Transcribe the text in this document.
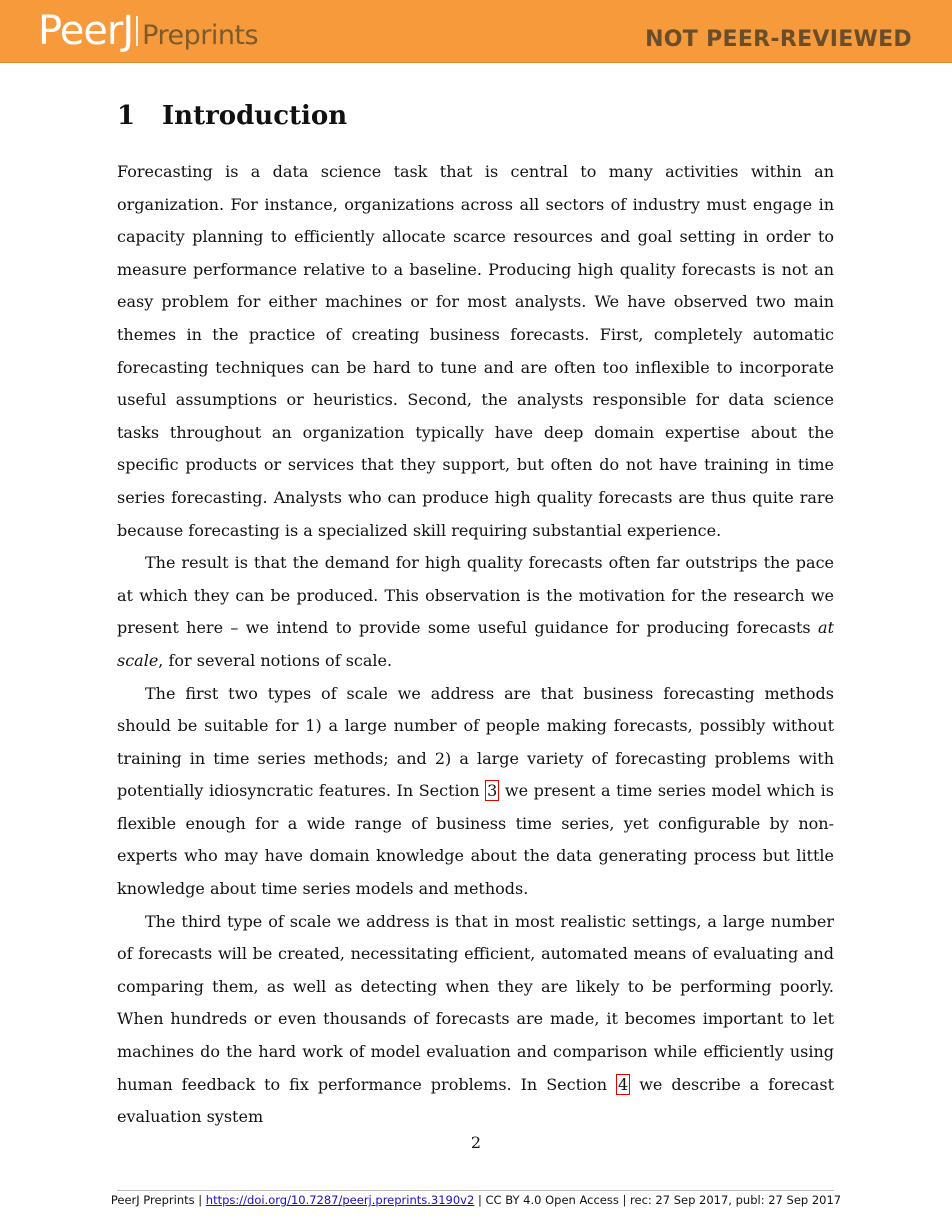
PeerJ Preprints	NOT PEER-REVIEWED
1 Introduction

Forecasting is a data science task that is central to many activities within an organization. For instance, organizations across all sectors of industry must engage in capacity planning to efficiently allocate scarce resources and goal setting in order to measure performance relative to a baseline. Producing high quality forecasts is not an easy problem for either machines or for most analysts. We have observed two main themes in the practice of creating business forecasts. First, completely automatic forecasting techniques can be hard to tune and are often too inflexible to incorporate useful assumptions or heuristics. Second, the analysts responsible for data science tasks throughout an organization typically have deep domain expertise about the specific products or services that they support, but often do not have training in time series forecasting. Analysts who can produce high quality forecasts are thus quite rare because forecasting is a specialized skill requiring substantial experience.

The result is that the demand for high quality forecasts often far outstrips the pace at which they can be produced. This observation is the motivation for the research we present here – we intend to provide some useful guidance for producing forecasts at scale, for several notions of scale.

The first two types of scale we address are that business forecasting methods should be suitable for 1) a large number of people making forecasts, possibly without training in time series methods; and 2) a large variety of forecasting problems with potentially idiosyncratic features. In Section 3 we present a time series model which is flexible enough for a wide range of business time series, yet configurable by non-experts who may have domain knowledge about the data generating process but little knowledge about time series models and methods.

The third type of scale we address is that in most realistic settings, a large number of forecasts will be created, necessitating efficient, automated means of evaluating and comparing them, as well as detecting when they are likely to be performing poorly. When hundreds or even thousands of forecasts are made, it becomes important to let machines do the hard work of model evaluation and comparison while efficiently using human feedback to fix performance problems. In Section 4 we describe a forecast evaluation system

2
PeerJ Preprints | https://doi.org/10.7287/peerj.preprints.3190v2 | CC BY 4.0 Open Access | rec: 27 Sep 2017, publ: 27 Sep 2017
